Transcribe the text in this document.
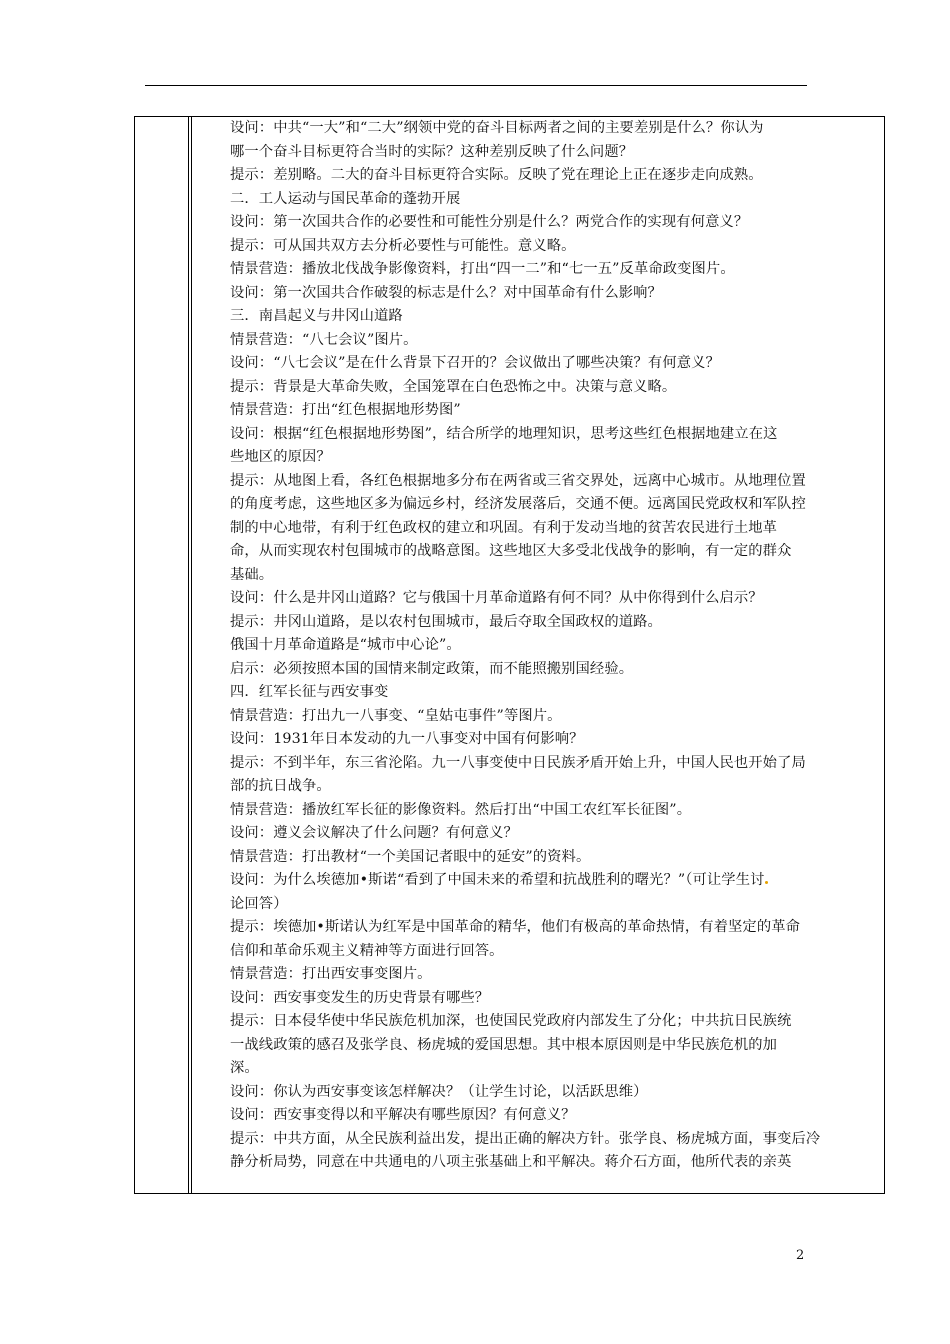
设问：中共“一大”和“二大”纲领中党的奋斗目标两者之间的主要差别是什么？你认为
哪一个奋斗目标更符合当时的实际？这种差别反映了什么问题？
提示：差别略。二大的奋斗目标更符合实际。反映了党在理论上正在逐步走向成熟。
二．工人运动与国民革命的蓬勃开展
设问：第一次国共合作的必要性和可能性分别是什么？两党合作的实现有何意义？
提示：可从国共双方去分析必要性与可能性。意义略。
情景营造：播放北伐战争影像资料，打出“四一二”和“七一五”反革命政变图片。
设问：第一次国共合作破裂的标志是什么？对中国革命有什么影响？
三．南昌起义与井冈山道路
情景营造：“八七会议”图片。
设问：“八七会议”是在什么背景下召开的？会议做出了哪些决策？有何意义？
提示：背景是大革命失败，全国笼罩在白色恐怖之中。决策与意义略。
情景营造：打出“红色根据地形势图”
设问：根据“红色根据地形势图”，结合所学的地理知识，思考这些红色根据地建立在这
些地区的原因？
提示：从地图上看，各红色根据地多分布在两省或三省交界处，远离中心城市。从地理位置
的角度考虑，这些地区多为偏远乡村，经济发展落后，交通不便。远离国民党政权和军队控
制的中心地带，有利于红色政权的建立和巩固。有利于发动当地的贫苦农民进行土地革
命，从而实现农村包围城市的战略意图。这些地区大多受北伐战争的影响，有一定的群众
基础。
设问：什么是井冈山道路？它与俄国十月革命道路有何不同？从中你得到什么启示？
提示：井冈山道路，是以农村包围城市，最后夺取全国政权的道路。
俄国十月革命道路是“城市中心论”。
启示：必须按照本国的国情来制定政策，而不能照搬别国经验。
四．红军长征与西安事变
情景营造：打出九一八事变、“皇姑屯事件”等图片。
设问：1931年日本发动的九一八事变对中国有何影响？
提示：不到半年，东三省沦陷。九一八事变使中日民族矛盾开始上升，中国人民也开始了局
部的抗日战争。
情景营造：播放红军长征的影像资料。然后打出“中国工农红军长征图”。
设问：遵义会议解决了什么问题？有何意义？
情景营造：打出教材“一个美国记者眼中的延安”的资料。
设问：为什么埃德加•斯诺“看到了中国未来的希望和抗战胜利的曙光？”（可让学生讨
论回答）
提示：埃德加•斯诺认为红军是中国革命的精华，他们有极高的革命热情，有着坚定的革命
信仰和革命乐观主义精神等方面进行回答。
情景营造：打出西安事变图片。
设问：西安事变发生的历史背景有哪些？
提示：日本侵华使中华民族危机加深，也使国民党政府内部发生了分化；中共抗日民族统
一战线政策的感召及张学良、杨虎城的爱国思想。其中根本原因则是中华民族危机的加
深。
设问：你认为西安事变该怎样解决？（让学生讨论，以活跃思维）
设问：西安事变得以和平解决有哪些原因？有何意义？
提示：中共方面，从全民族利益出发，提出正确的解决方针。张学良、杨虎城方面，事变后冷
静分析局势，同意在中共通电的八项主张基础上和平解决。蒋介石方面，他所代表的亲英
2
